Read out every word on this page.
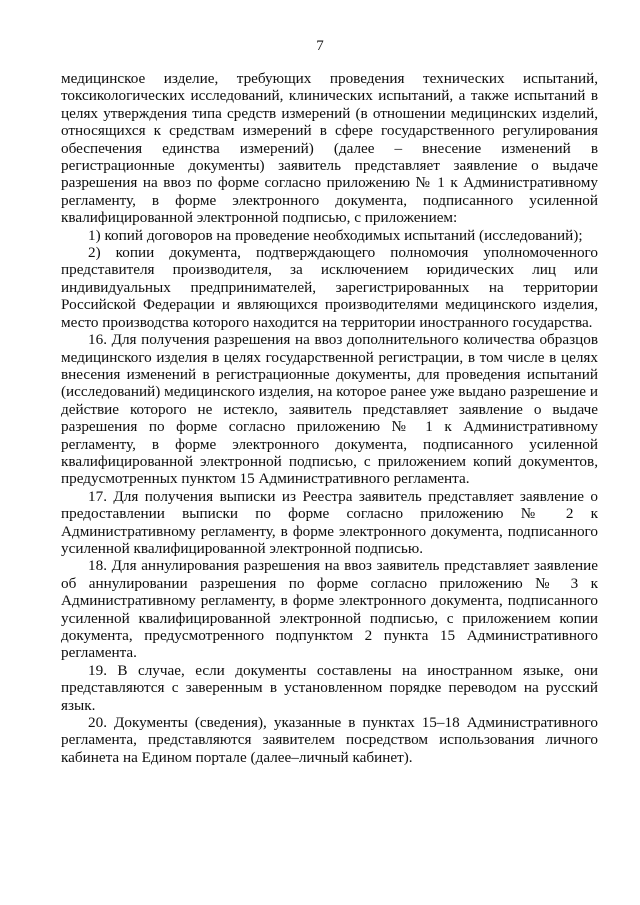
7

медицинское изделие, требующих проведения технических испытаний, токсикологических исследований, клинических испытаний, а также испытаний в целях утверждения типа средств измерений (в отношении медицинских изделий, относящихся к средствам измерений в сфере государственного регулирования обеспечения единства измерений) (далее – внесение изменений в регистрационные документы) заявитель представляет заявление о выдаче разрешения на ввоз по форме согласно приложению № 1 к Административному регламенту, в форме электронного документа, подписанного усиленной квалифицированной электронной подписью, с приложением:

1) копий договоров на проведение необходимых испытаний (исследований);

2) копии документа, подтверждающего полномочия уполномоченного представителя производителя, за исключением юридических лиц или индивидуальных предпринимателей, зарегистрированных на территории Российской Федерации и являющихся производителями медицинского изделия, место производства которого находится на территории иностранного государства.

16. Для получения разрешения на ввоз дополнительного количества образцов медицинского изделия в целях государственной регистрации, в том числе в целях внесения изменений в регистрационные документы, для проведения испытаний (исследований) медицинского изделия, на которое ранее уже выдано разрешение и действие которого не истекло, заявитель представляет заявление о выдаче разрешения по форме согласно приложению № 1 к Административному регламенту, в форме электронного документа, подписанного усиленной квалифицированной электронной подписью, с приложением копий документов, предусмотренных пунктом 15 Административного регламента.

17. Для получения выписки из Реестра заявитель представляет заявление о предоставлении выписки по форме согласно приложению № 2 к Административному регламенту, в форме электронного документа, подписанного усиленной квалифицированной электронной подписью.

18. Для аннулирования разрешения на ввоз заявитель представляет заявление об аннулировании разрешения по форме согласно приложению № 3 к Административному регламенту, в форме электронного документа, подписанного усиленной квалифицированной электронной подписью, с приложением копии документа, предусмотренного подпунктом 2 пункта 15 Административного регламента.

19. В случае, если документы составлены на иностранном языке, они представляются с заверенным в установленном порядке переводом на русский язык.

20. Документы (сведения), указанные в пунктах 15–18 Административного регламента, представляются заявителем посредством использования личного кабинета на Едином портале (далее–личный кабинет).
